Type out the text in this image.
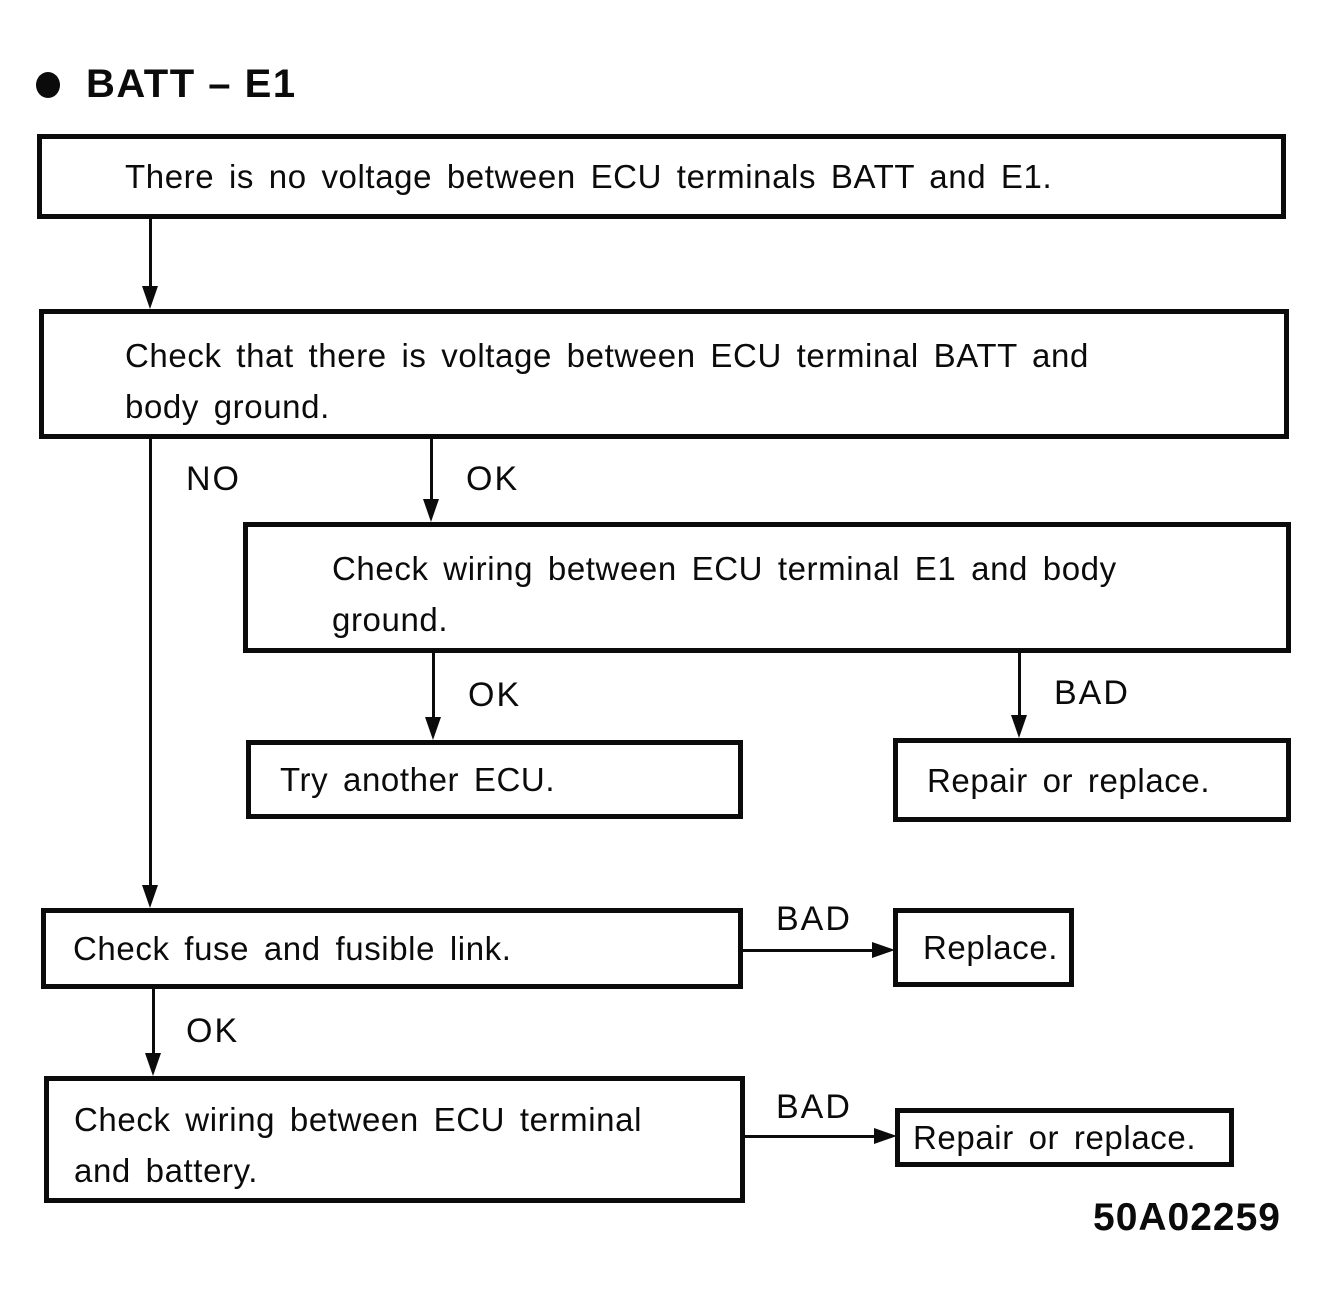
BATT – E1
There is no voltage between ECU terminals BATT and E1.
Check that there is voltage between ECU terminal BATT and
body ground.
Check wiring between ECU terminal E1 and body
ground.
Try another ECU.	Repair or replace.
Check fuse and fusible link.	Replace.
Check wiring between ECU terminal
and battery.
Repair or replace.
NO	OK
OK	BAD
BAD
OK
BAD
50A02259
